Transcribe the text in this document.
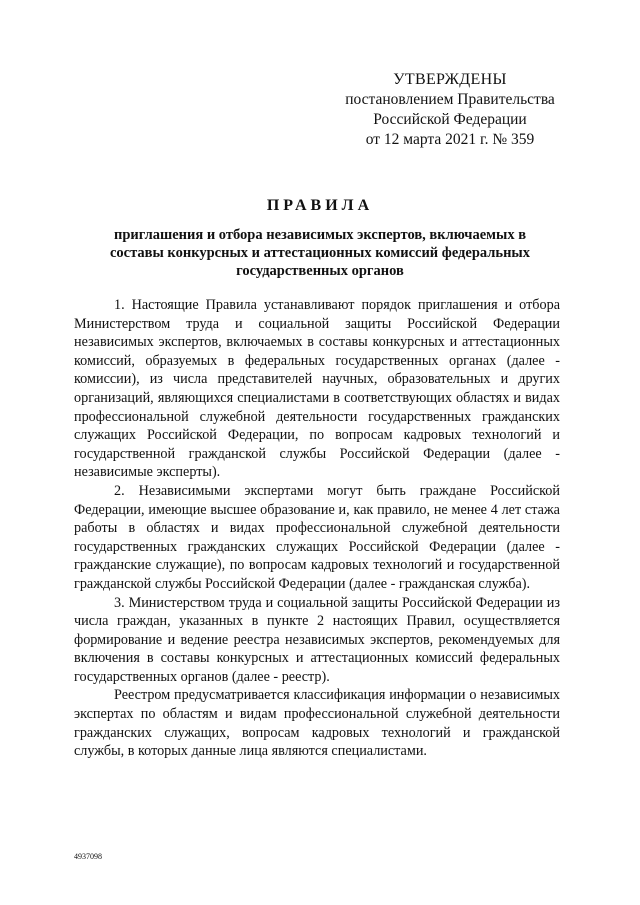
УТВЕРЖДЕНЫ
постановлением Правительства
Российской Федерации
от 12 марта 2021 г. № 359
ПРАВИЛА
приглашения и отбора независимых экспертов, включаемых в составы конкурсных и аттестационных комиссий федеральных государственных органов

1. Настоящие Правила устанавливают порядок приглашения и отбора Министерством труда и социальной защиты Российской Федерации независимых экспертов, включаемых в составы конкурсных и аттестационных комиссий, образуемых в федеральных государственных органах (далее - комиссии), из числа представителей научных, образовательных и других организаций, являющихся специалистами в соответствующих областях и видах профессиональной служебной деятельности государственных гражданских служащих Российской Федерации, по вопросам кадровых технологий и государственной гражданской службы Российской Федерации (далее - независимые эксперты).

2. Независимыми экспертами могут быть граждане Российской Федерации, имеющие высшее образование и, как правило, не менее 4 лет стажа работы в областях и видах профессиональной служебной деятельности государственных гражданских служащих Российской Федерации (далее - гражданские служащие), по вопросам кадровых технологий и государственной гражданской службы Российской Федерации (далее - гражданская служба).

3. Министерством труда и социальной защиты Российской Федерации из числа граждан, указанных в пункте 2 настоящих Правил, осуществляется формирование и ведение реестра независимых экспертов, рекомендуемых для включения в составы конкурсных и аттестационных комиссий федеральных государственных органов (далее - реестр).

Реестром предусматривается классификация информации о независимых экспертах по областям и видам профессиональной служебной деятельности гражданских служащих, вопросам кадровых технологий и гражданской службы, в которых данные лица являются специалистами.

4937098
